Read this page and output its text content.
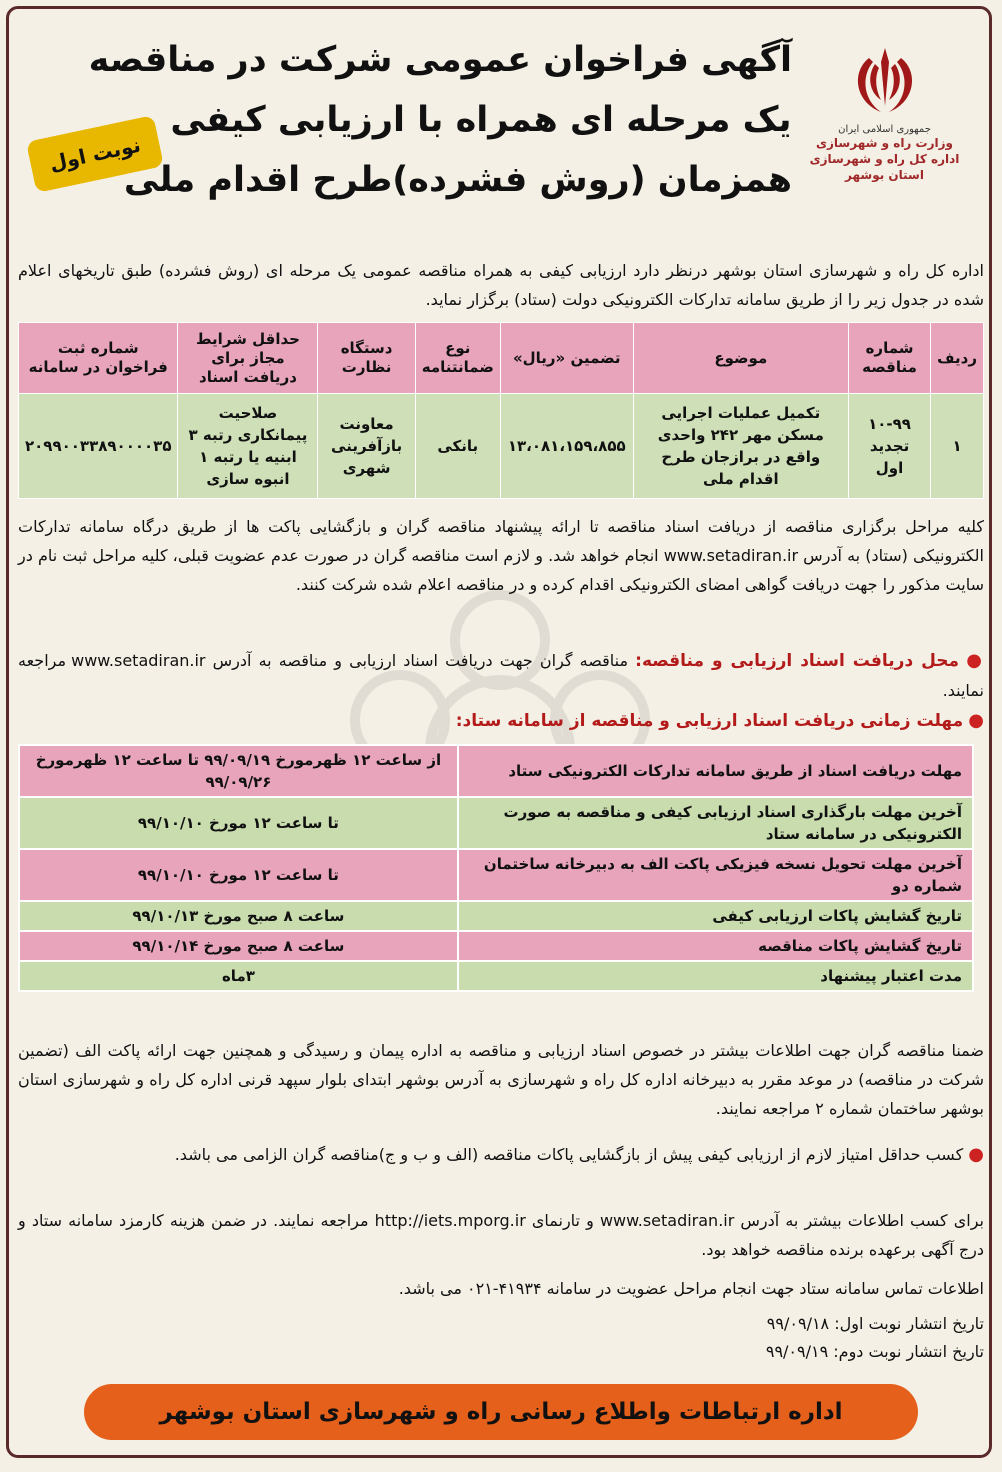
آگهی فراخوان عمومی شرکت در مناقصه
یک مرحله ای همراه با ارزیابی کیفی
همزمان (روش فشرده)طرح اقدام ملی
جمهوری اسلامی ایران
وزارت راه و شهرسازی
اداره کل راه و شهرسازی
استان بوشهر
نوبت اول
اداره کل راه و شهرسازی استان بوشهر درنظر دارد ارزیابی کیفی به همراه مناقصه عمومی یک مرحله ای (روش فشرده) طبق تاریخهای اعلام شده در جدول زیر را از طریق سامانه تدارکات الکترونیکی دولت (ستاد) برگزار نماید.
ردیف	شماره مناقصه	موضوع	تضمین «ریال»	نوع ضمانتنامه	دستگاه نظارت	حداقل شرایط مجاز برای دریافت اسناد	شماره ثبت فراخوان در سامانه
۱	۱۰-۹۹ تجدید اول	تکمیل عملیات اجرایی مسکن مهر ۲۴۲ واحدی واقع در برازجان طرح اقدام ملی	۱۳،۰۸۱،۱۵۹،۸۵۵	بانکی	معاونت بازآفرینی شهری	صلاحیت پیمانکاری رتبه ۳ ابنیه یا رتبه ۱ انبوه سازی	۲۰۹۹۰۰۳۳۸۹۰۰۰۰۳۵
کلیه مراحل برگزاری مناقصه از دریافت اسناد مناقصه تا ارائه پیشنهاد مناقصه گران و بازگشایی پاکت ها از طریق درگاه سامانه تدارکات الکترونیکی (ستاد) به آدرس www.setadiran.ir انجام خواهد شد. و لازم است مناقصه گران در صورت عدم عضویت قبلی، کلیه مراحل ثبت نام در سایت مذکور را جهت دریافت گواهی امضای الکترونیکی اقدام کرده و در مناقصه اعلام شده شرکت کنند.
● محل دریافت اسناد ارزیابی و مناقصه: مناقصه گران جهت دریافت اسناد ارزیابی و مناقصه به آدرس www.setadiran.ir مراجعه نمایند.
● مهلت زمانی دریافت اسناد ارزیابی و مناقصه از سامانه ستاد:
مهلت دریافت اسناد از طریق سامانه تدارکات الکترونیکی ستاد	از ساعت ۱۲ ظهرمورخ ۹۹/۰۹/۱۹ تا ساعت ۱۲ ظهرمورخ ۹۹/۰۹/۲۶
آخرین مهلت بارگذاری اسناد ارزیابی کیفی و مناقصه به صورت الکترونیکی در سامانه ستاد	تا ساعت ۱۲ مورخ ۹۹/۱۰/۱۰
آخرین مهلت تحویل نسخه فیزیکی پاکت الف به دبیرخانه ساختمان شماره دو	تا ساعت ۱۲ مورخ ۹۹/۱۰/۱۰
تاریخ گشایش پاکات ارزیابی کیفی	ساعت ۸ صبح مورخ ۹۹/۱۰/۱۳
تاریخ گشایش پاکات مناقصه	ساعت ۸ صبح مورخ ۹۹/۱۰/۱۴
مدت اعتبار پیشنهاد	۳ماه
ضمنا مناقصه گران جهت اطلاعات بیشتر در خصوص اسناد ارزیابی و مناقصه به اداره پیمان و رسیدگی و همچنین جهت ارائه پاکت الف (تضمین شرکت در مناقصه) در موعد مقرر به دبیرخانه اداره کل راه و شهرسازی به آدرس بوشهر ابتدای بلوار سپهد قرنی اداره کل راه و شهرسازی استان بوشهر ساختمان شماره ۲ مراجعه نمایند.
● کسب حداقل امتیاز لازم از ارزیابی کیفی پیش از بازگشایی پاکات مناقصه (الف و ب و ج)مناقصه گران الزامی می باشد.
برای کسب اطلاعات بیشتر به آدرس www.setadiran.ir و تارنمای http://iets.mporg.ir مراجعه نمایند. در ضمن هزینه کارمزد سامانه ستاد و درج آگهی برعهده برنده مناقصه خواهد بود.
اطلاعات تماس سامانه ستاد جهت انجام مراحل عضویت در سامانه ۴۱۹۳۴-۰۲۱ می باشد.
تاریخ انتشار نوبت اول: ۹۹/۰۹/۱۸
تاریخ انتشار نوبت دوم: ۹۹/۰۹/۱۹
اداره ارتباطات واطلاع رسانی راه و شهرسازی استان بوشهر
